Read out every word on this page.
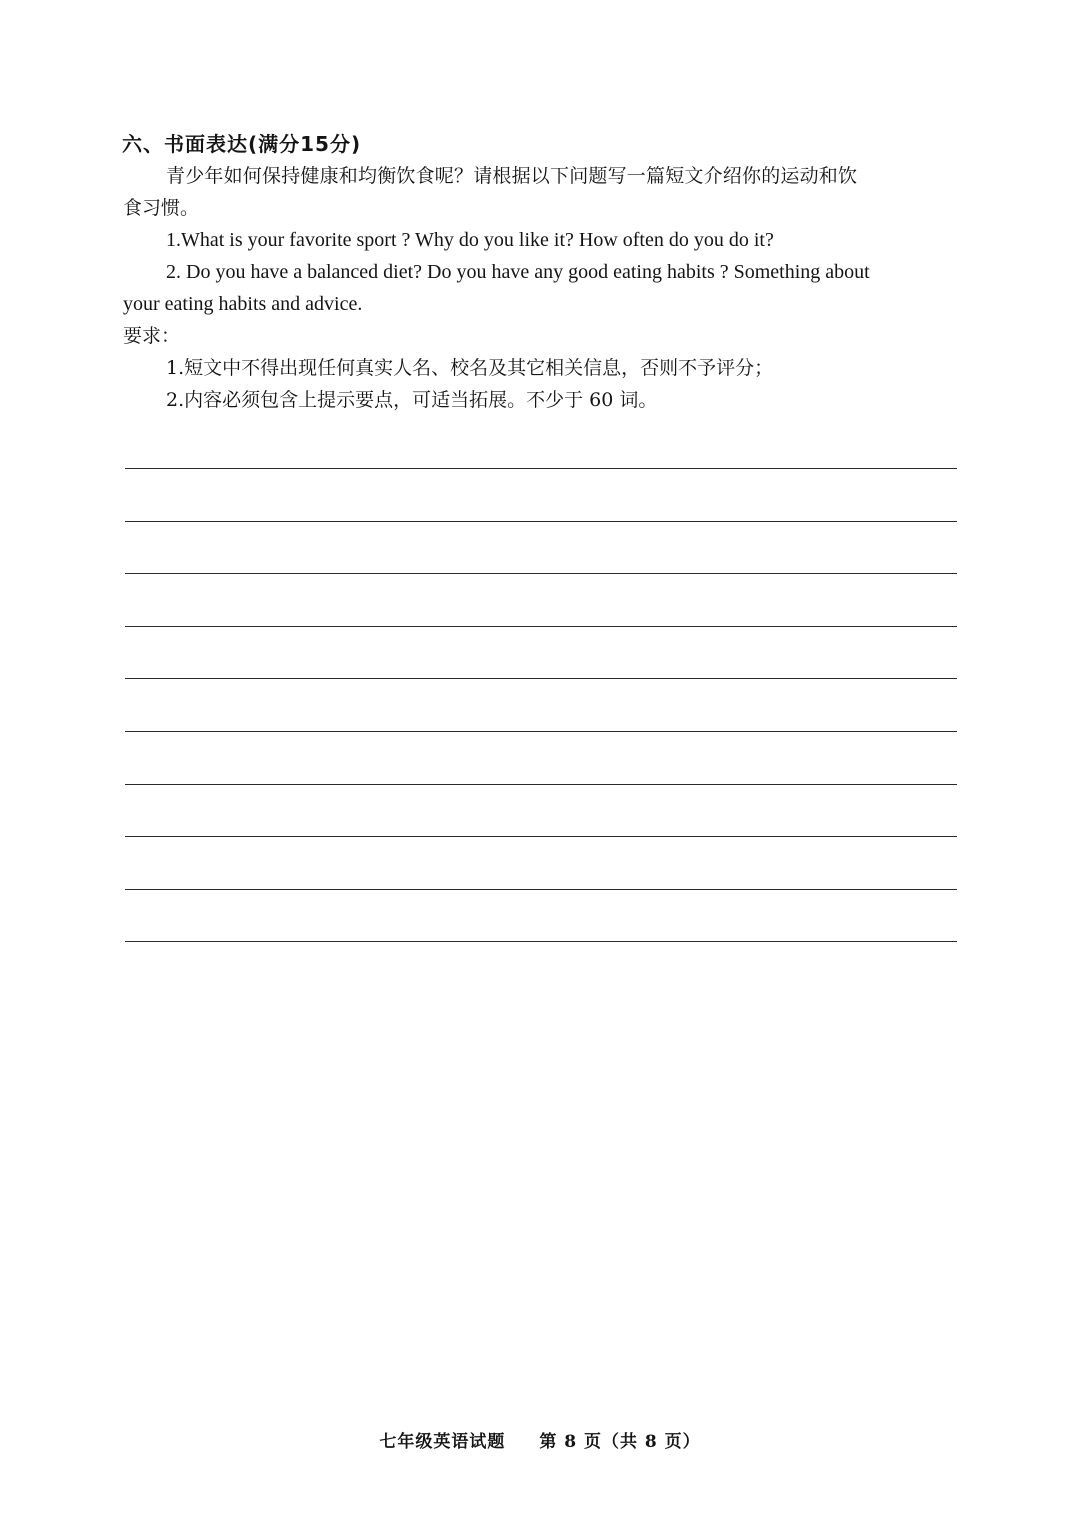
六、书面表达(满分15分)
青少年如何保持健康和均衡饮食呢？请根据以下问题写一篇短文介绍你的运动和饮
食习惯。
1.What is your favorite sport ? Why do you like it? How often do you do it?
2. Do you have a balanced diet? Do you have any good eating habits ? Something about
your eating habits and advice.
要求：
1.短文中不得出现任何真实人名、校名及其它相关信息，否则不予评分；
2.内容必须包含上提示要点，可适当拓展。不少于 60 词。
七年级英语试题 第 8 页（共 8 页）
